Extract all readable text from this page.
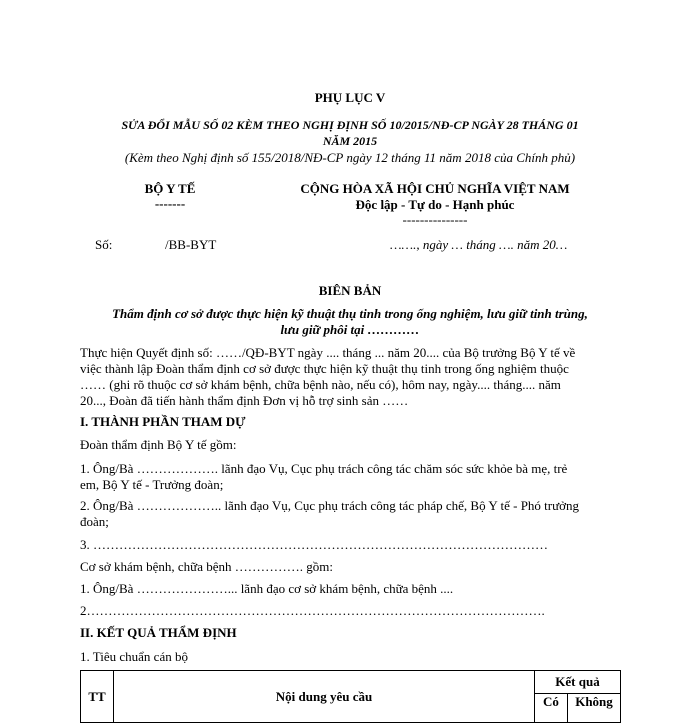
PHỤ LỤC V
SỬA ĐỔI MẪU SỐ 02 KÈM THEO NGHỊ ĐỊNH SỐ 10/2015/NĐ-CP NGÀY 28 THÁNG 01
NĂM 2015
(Kèm theo Nghị định số 155/2018/NĐ-CP ngày 12 tháng 11 năm 2018 của Chính phủ)
BỘ Y TẾ
-------
Số:	/BB-BYT
CỘNG HÒA XÃ HỘI CHỦ NGHĨA VIỆT NAM
Độc lập - Tự do - Hạnh phúc
---------------
……., ngày … tháng …. năm 20…
BIÊN BẢN
Thẩm định cơ sở được thực hiện kỹ thuật thụ tinh trong ống nghiệm, lưu giữ tinh trùng,
lưu giữ phôi tại …………
Thực hiện Quyết định số: ……/QĐ-BYT ngày .... tháng ... năm 20.... của Bộ trưởng Bộ Y tế về
việc thành lập Đoàn thẩm định cơ sở được thực hiện kỹ thuật thụ tinh trong ống nghiệm thuộc
…… (ghi rõ thuộc cơ sở khám bệnh, chữa bệnh nào, nếu có), hôm nay, ngày.... tháng.... năm
20..., Đoàn đã tiến hành thẩm định Đơn vị hỗ trợ sinh sản ……
I. THÀNH PHẦN THAM DỰ
Đoàn thẩm định Bộ Y tế gồm:
1. Ông/Bà ………………. lãnh đạo Vụ, Cục phụ trách công tác chăm sóc sức khỏe bà mẹ, trẻ
em, Bộ Y tế - Trưởng đoàn;
2. Ông/Bà ……………….. lãnh đạo Vụ, Cục phụ trách công tác pháp chế, Bộ Y tế - Phó trưởng
đoàn;
3. ……………………………………………………………………………………………
Cơ sở khám bệnh, chữa bệnh ……………. gồm:
1. Ông/Bà …………………... lãnh đạo cơ sở khám bệnh, chữa bệnh ....
2…………………………………………………………………………………………….
II. KẾT QUẢ THẨM ĐỊNH
1. Tiêu chuẩn cán bộ
TT	Nội dung yêu cầu	Kết quả	
		Có	Không
